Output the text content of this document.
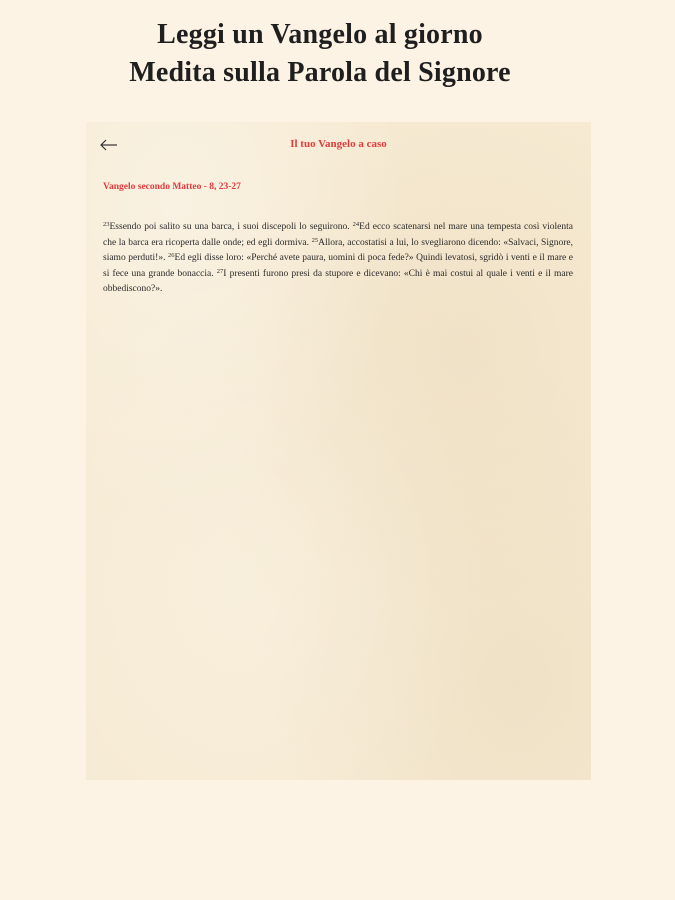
Leggi un Vangelo al giorno
Medita sulla Parola del Signore
Il tuo Vangelo a caso
Vangelo secondo Matteo - 8, 23-27
$^{23}$Essendo poi salito su una barca, i suoi discepoli lo seguirono. $^{24}$Ed ecco scatenarsi nel mare una tempesta così violenta che la barca era ricoperta dalle onde; ed egli dormiva. $^{25}$Allora, accostatisi a lui, lo svegliarono dicendo: «Salvaci, Signore, siamo perduti!». $^{26}$Ed egli disse loro: «Perché avete paura, uomini di poca fede?» Quindi levatosi, sgridò i venti e il mare e si fece una grande bonaccia. $^{27}$I presenti furono presi da stupore e dicevano: «Chi è mai costui al quale i venti e il mare obbediscono?».
